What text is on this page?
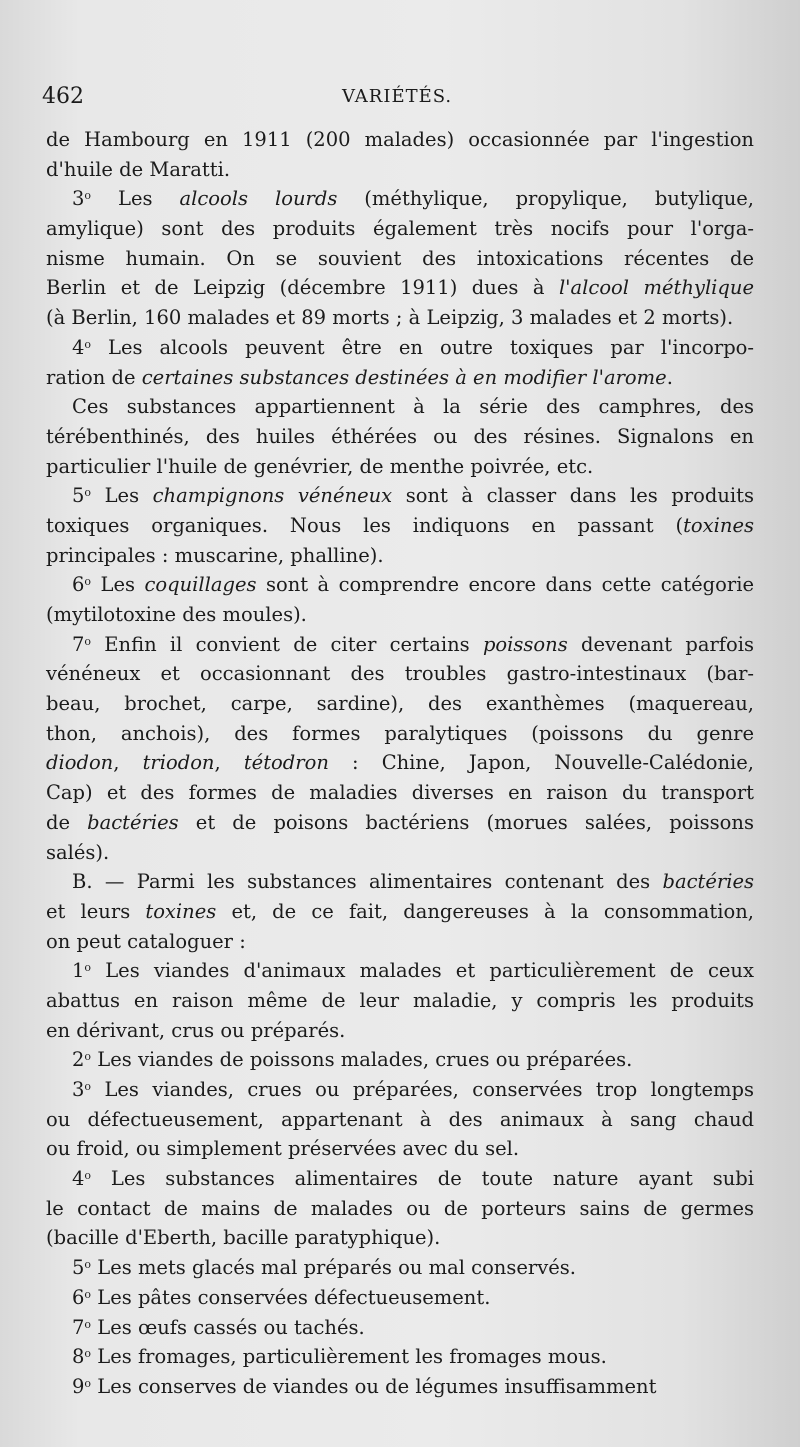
462	VARIÉTÉS.
de Hambourg en 1911 (200 malades) occasionnée par l'ingestion
d'huile de Maratti.
3$^o$ Les alcools lourds (méthylique, propylique, butylique,
amylique) sont des produits également très nocifs pour l'orga-
nisme humain. On se souvient des intoxications récentes de
Berlin et de Leipzig (décembre 1911) dues à l'alcool méthylique
(à Berlin, 160 malades et 89 morts ; à Leipzig, 3 malades et 2 morts).
4$^o$ Les alcools peuvent être en outre toxiques par l'incorpo-
ration de certaines substances destinées à en modifier l'arome.
Ces substances appartiennent à la série des camphres, des
térébenthinés, des huiles éthérées ou des résines. Signalons en
particulier l'huile de genévrier, de menthe poivrée, etc.
5$^o$ Les champignons vénéneux sont à classer dans les produits
toxiques organiques. Nous les indiquons en passant (toxines
principales : muscarine, phalline).
6$^o$ Les coquillages sont à comprendre encore dans cette catégorie
(mytilotoxine des moules).
7$^o$ Enfin il convient de citer certains poissons devenant parfois
vénéneux et occasionnant des troubles gastro-intestinaux (bar-
beau, brochet, carpe, sardine), des exanthèmes (maquereau,
thon, anchois), des formes paralytiques (poissons du genre
diodon, triodon, tétodron : Chine, Japon, Nouvelle-Calédonie,
Cap) et des formes de maladies diverses en raison du transport
de bactéries et de poisons bactériens (morues salées, poissons
salés).
B. — Parmi les substances alimentaires contenant des bactéries
et leurs toxines et, de ce fait, dangereuses à la consommation,
on peut cataloguer :
1$^o$ Les viandes d'animaux malades et particulièrement de ceux
abattus en raison même de leur maladie, y compris les produits
en dérivant, crus ou préparés.
2$^o$ Les viandes de poissons malades, crues ou préparées.
3$^o$ Les viandes, crues ou préparées, conservées trop longtemps
ou défectueusement, appartenant à des animaux à sang chaud
ou froid, ou simplement préservées avec du sel.
4$^o$ Les substances alimentaires de toute nature ayant subi
le contact de mains de malades ou de porteurs sains de germes
(bacille d'Eberth, bacille paratyphique).
5$^o$ Les mets glacés mal préparés ou mal conservés.
6$^o$ Les pâtes conservées défectueusement.
7$^o$ Les œufs cassés ou tachés.
8$^o$ Les fromages, particulièrement les fromages mous.
9$^o$ Les conserves de viandes ou de légumes insuffisamment
